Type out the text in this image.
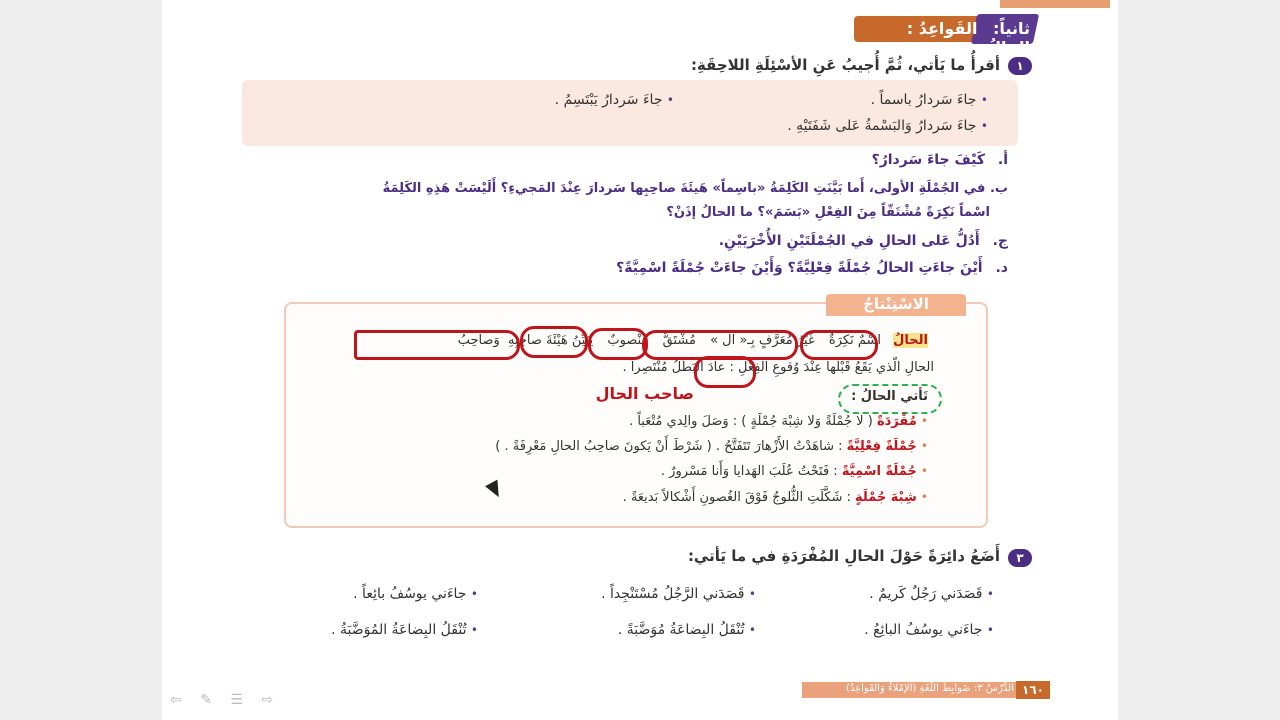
ثانياً: القَواعِدُ : الحالُ
١
أقرأُ ما يَأتي، ثُمَّ أُجيبُ عَنِ الأسْئِلَةِ اللاحِقَةِ:
• جاءَ سَردارُ باسماً .
• جاءَ سَردارُ يَبْتَسِمُ .
• جاءَ سَردارُ وَالبَسْمةُ عَلى شَفَتَيْهِ .
أ. كَيْفَ جاءَ سَردارُ؟
ب. في الجُمْلَةِ الأولى، أَما بَيَّنَتِ الكَلِمَةُ «باسِماً» هَيئَةَ صاحِبِها سَردارَ عِنْدَ المَجيءِ؟ أَلَيْسَتْ هَذِهِ الكَلِمَةُ
اسْماً نَكِرَةً مُشْتَقّاً مِنَ الفِعْلِ «بَسَمَ»؟ ما الحالُ إذَنْ؟
ج. أَدُلُّ عَلى الحالِ في الجُمْلَتَيْنِ الأُخْرَيَيْنِ.
د. أَيْنَ جاءَتِ الحالُ جُمْلَةً فِعْلِيَّةً؟ وَأَيْنَ جاءَتْ جُمْلَةً اسْمِيَّةً؟
الاسْتِنْتاجُ
الحالُ اسْمٌ نَكِرَةٌ غَيْرُ مُعَرَّفٍ بِـ« ال » مُشْتَقٌّ مَنْصوبٌ يُبَيِّنُ هَيْئَةَ صاحِبِهِ وَصاحِبُ
الحالِ الّذي يَقَعُ قَبْلَها عِنْدَ وُقوعِ الفِعْلِ : عادَ البَطَلُ مُنْتَصِراً .
صاحب الحال	تَأتي الحالُ :
• مُفْرَدَةً ( لا جُمْلَةً وَلا شِبْهَ جُمْلَةٍ ) : وَصَلَ والِدي مُتْعَباً .
• جُمْلَةً فِعْلِيَّةً : شاهَدْتُ الأَزْهارَ تَتَفَتَّحُ . ( شَرْطَ أَنْ يَكونَ صاحِبُ الحالِ مَعْرِفَةً . )
• جُمْلَةً اسْمِيَّةً : فَتَحْتُ عُلَبَ الهَدايا وَأَنا مَسْرورٌ .
• شِبْهَ جُمْلَةٍ : شَكَّلَتِ الثُّلوجُ فَوْقَ الغُصونِ أَشْكالاً بَديعَةً .
٣
أَضَعُ دائِرَةً حَوْلَ الحالِ المُفْرَدَةِ في ما يَأتي:
• قَصَدَني رَجُلٌ كَريمٌ .
• قَصَدَني الرَّجُلُ مُسْتَنْجِداً .
• جاءَني يوسُفُ بائِعاً .
• جاءَني يوسُفُ البائِعُ .
• تُنْقَلُ البِضاعَةُ مُوَضَّبَةً .
• تُنْقَلُ البِضاعَةُ المُوَضَّبَةُ .
١٦٠
الدَّرْسُ ٣: ضَوابِطُ اللُّغَةِ (الإمْلاءُ وَالقَواعِدُ)
⇦ ✎ ☰ ⇨
